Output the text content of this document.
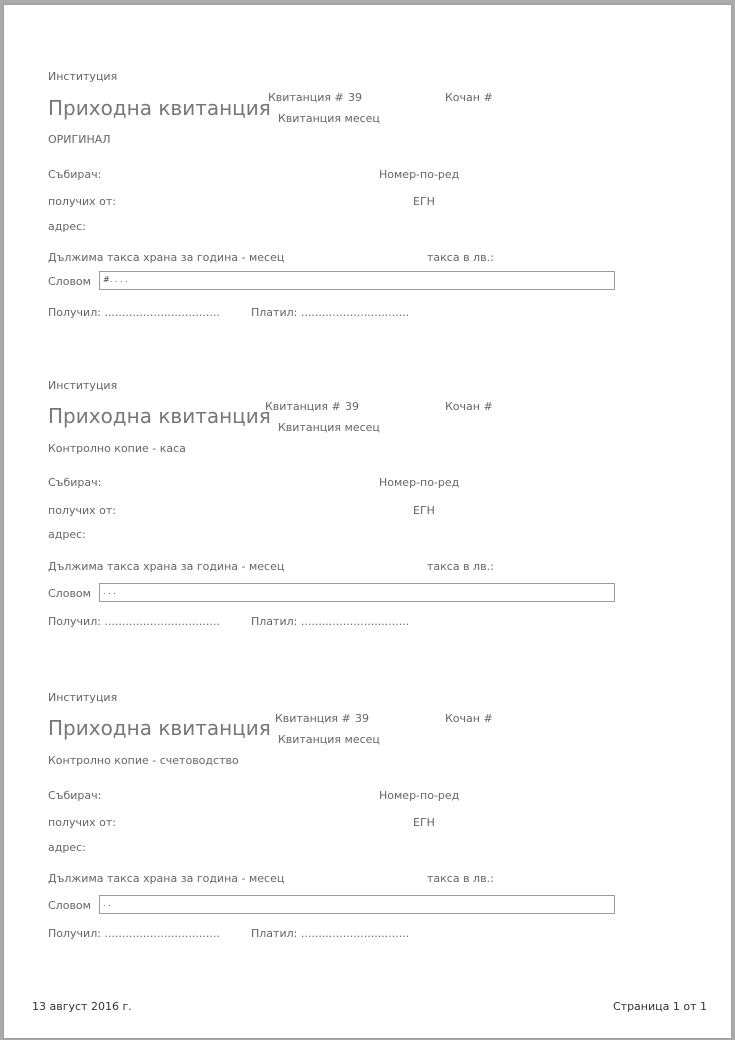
Институция
Приходна квитанция
Квитанция # 39	Кочан #
Квитанция месец
ОРИГИНАЛ
Събирач:	Номер-по-ред
получих от:	ЕГН
адрес:
Дължима такса храна за година - месец	такса в лв.:
Словом #. . . .
Получил: .................................	Платил: ...............................
Институция
Приходна квитанция
Квитанция # 39	Кочан #
Квитанция месец
Контролно копие - каса
Събирач:	Номер-по-ред
получих от:	ЕГН
адрес:
Дължима такса храна за година - месец	такса в лв.:
Словом . . .
Получил: .................................	Платил: ...............................
Институция
Приходна квитанция Квитанция # 39	Кочан #
Квитанция месец
Контролно копие - счетоводство
Събирач:	Номер-по-ред
получих от:	ЕГН
адрес:
Дължима такса храна за година - месец	такса в лв.:
Словом . .
Получил: .................................	Платил: ...............................
13 август 2016 г.	Страница 1 от 1
